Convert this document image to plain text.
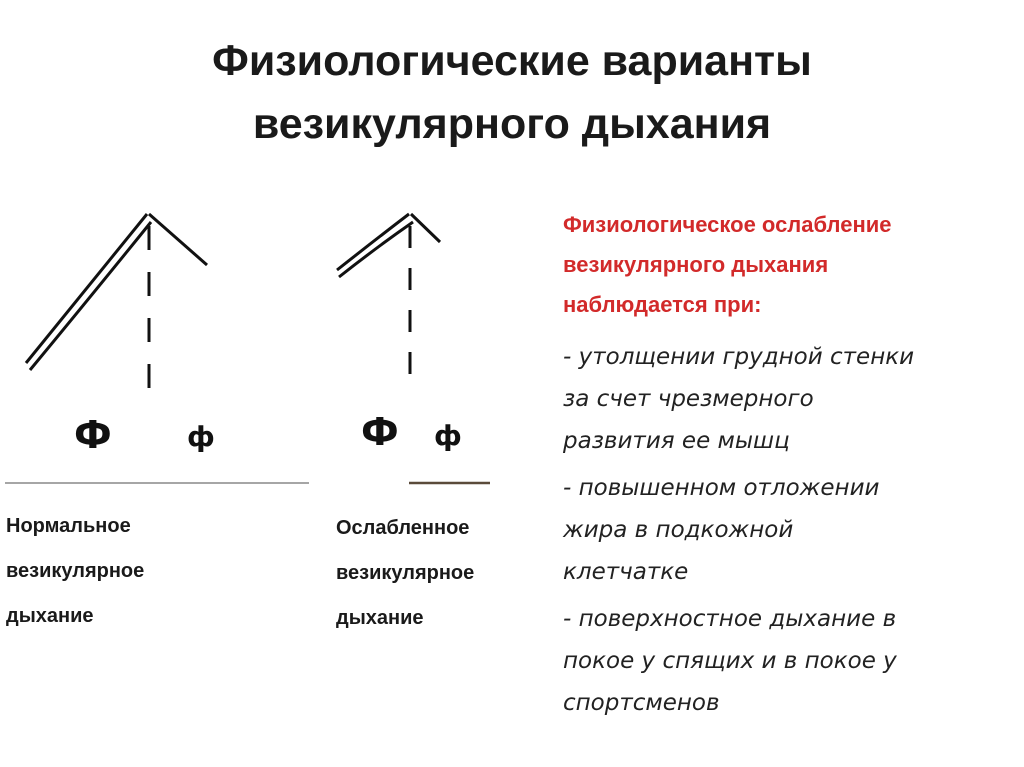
Физиологические варианты
везикулярного дыхания
Ф	ф	Ф ф
Нормальное
везикулярное
дыхание
Ослабленное
везикулярное
дыхание
Физиологическое ослабление
везикулярного дыхания
наблюдается при:
- утолщении грудной стенки
за счет чрезмерного
развития ее мышц
- повышенном отложении
жира в подкожной
клетчатке
- поверхностное дыхание в
покое у спящих и в покое у
спортсменов
